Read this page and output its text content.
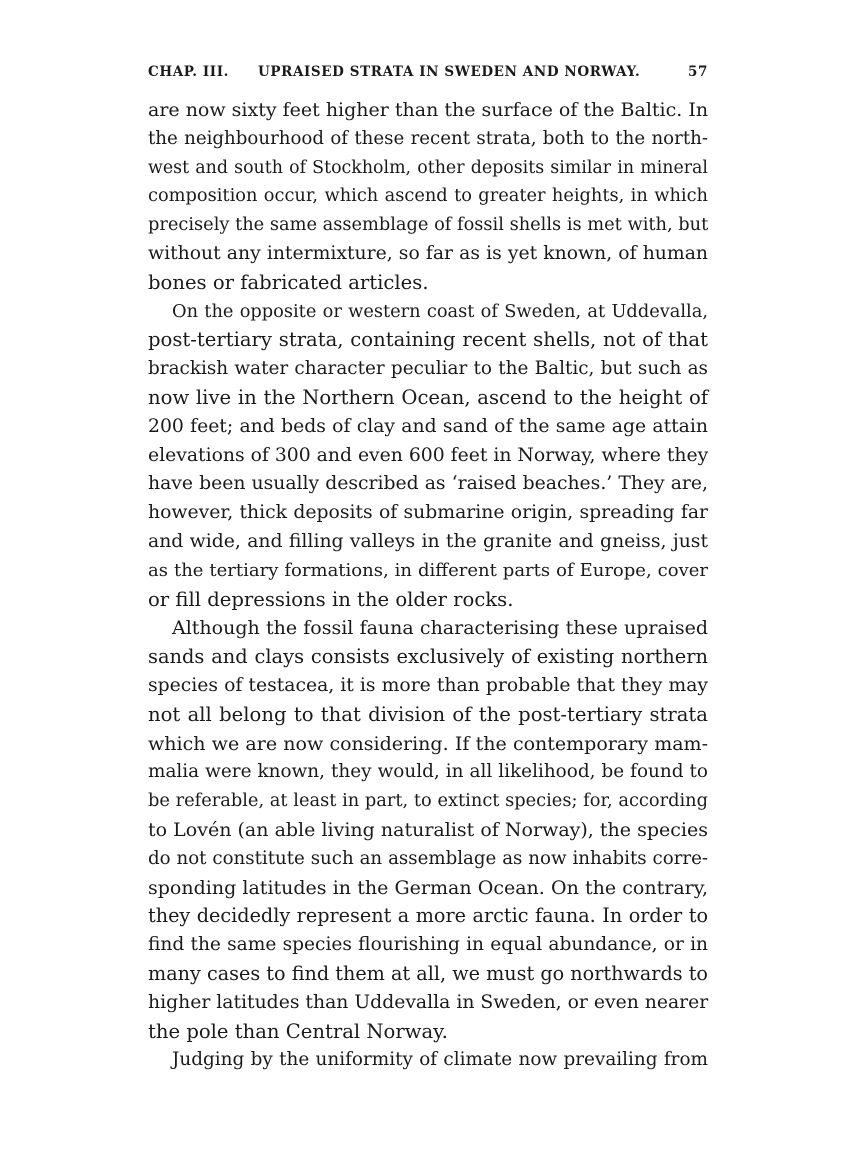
CHAP. III. UPRAISED STRATA IN SWEDEN AND NORWAY.	57
are now sixty feet higher than the surface of the Baltic. In
the neighbourhood of these recent strata, both to the north-
west and south of Stockholm, other deposits similar in mineral
composition occur, which ascend to greater heights, in which
precisely the same assemblage of fossil shells is met with, but
without any intermixture, so far as is yet known, of human
bones or fabricated articles.
On the opposite or western coast of Sweden, at Uddevalla,
post-tertiary strata, containing recent shells, not of that
brackish water character peculiar to the Baltic, but such as
now live in the Northern Ocean, ascend to the height of
200 feet; and beds of clay and sand of the same age attain
elevations of 300 and even 600 feet in Norway, where they
have been usually described as ‘raised beaches.’ They are,
however, thick deposits of submarine origin, spreading far
and wide, and filling valleys in the granite and gneiss, just
as the tertiary formations, in different parts of Europe, cover
or fill depressions in the older rocks.
Although the fossil fauna characterising these upraised
sands and clays consists exclusively of existing northern
species of testacea, it is more than probable that they may
not all belong to that division of the post-tertiary strata
which we are now considering. If the contemporary mam-
malia were known, they would, in all likelihood, be found to
be referable, at least in part, to extinct species; for, according
to Lovén (an able living naturalist of Norway), the species
do not constitute such an assemblage as now inhabits corre-
sponding latitudes in the German Ocean. On the contrary,
they decidedly represent a more arctic fauna. In order to
find the same species flourishing in equal abundance, or in
many cases to find them at all, we must go northwards to
higher latitudes than Uddevalla in Sweden, or even nearer
the pole than Central Norway.
Judging by the uniformity of climate now prevailing from
